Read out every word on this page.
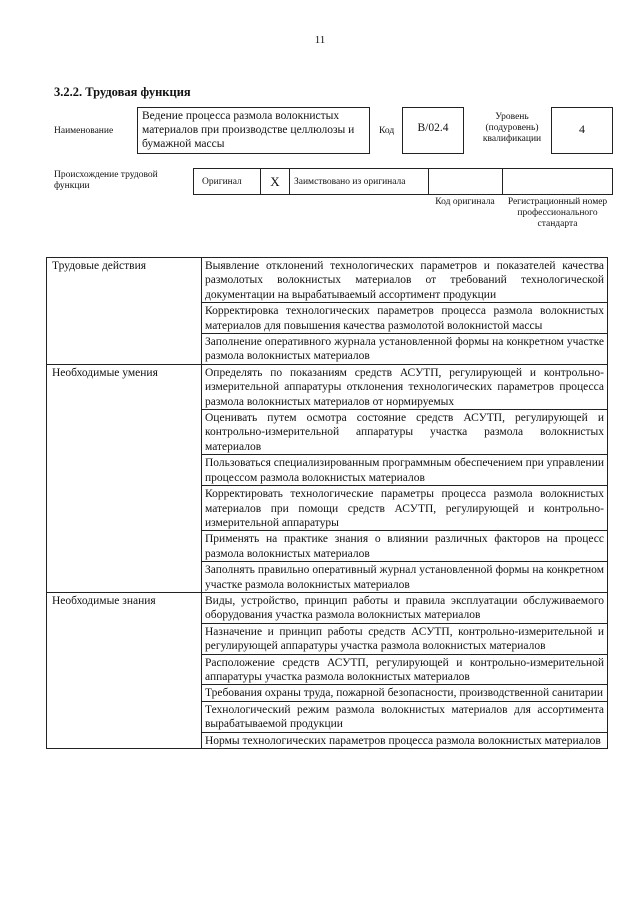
11
3.2.2. Трудовая функция
Наименование
Ведение процесса размола волокнистых материалов при производстве целлюлозы и бумажной массы
Код	B/02.4
Уровень (подуровень) квалификации
4
Происхождение трудовой функции	Оригинал X Заимствовано из оригинала
Код оригинала	Регистрационный номер профессионального стандарта
Трудовые действия	Выявление отклонений технологических параметров и показателей качества размолотых волокнистых материалов от требований технологической документации на вырабатываемый ассортимент продукции
	Корректировка технологических параметров процесса размола волокнистых материалов для повышения качества размолотой волокнистой массы
	Заполнение оперативного журнала установленной формы на конкретном участке размола волокнистых материалов
Необходимые умения	Определять по показаниям средств АСУТП, регулирующей и контрольно-измерительной аппаратуры отклонения технологических параметров процесса размола волокнистых материалов от нормируемых
	Оценивать путем осмотра состояние средств АСУТП, регулирующей и контрольно-измерительной аппаратуры участка размола волокнистых материалов
	Пользоваться специализированным программным обеспечением при управлении процессом размола волокнистых материалов
	Корректировать технологические параметры процесса размола волокнистых материалов при помощи средств АСУТП, регулирующей и контрольно-измерительной аппаратуры
	Применять на практике знания о влиянии различных факторов на процесс размола волокнистых материалов
	Заполнять правильно оперативный журнал установленной формы на конкретном участке размола волокнистых материалов
Необходимые знания	Виды, устройство, принцип работы и правила эксплуатации обслуживаемого оборудования участка размола волокнистых материалов
	Назначение и принцип работы средств АСУТП, контрольно-измерительной и регулирующей аппаратуры участка размола волокнистых материалов
	Расположение средств АСУТП, регулирующей и контрольно-измерительной аппаратуры участка размола волокнистых материалов
	Требования охраны труда, пожарной безопасности, производственной санитарии
	Технологический режим размола волокнистых материалов для ассортимента вырабатываемой продукции
	Нормы технологических параметров процесса размола волокнистых материалов
